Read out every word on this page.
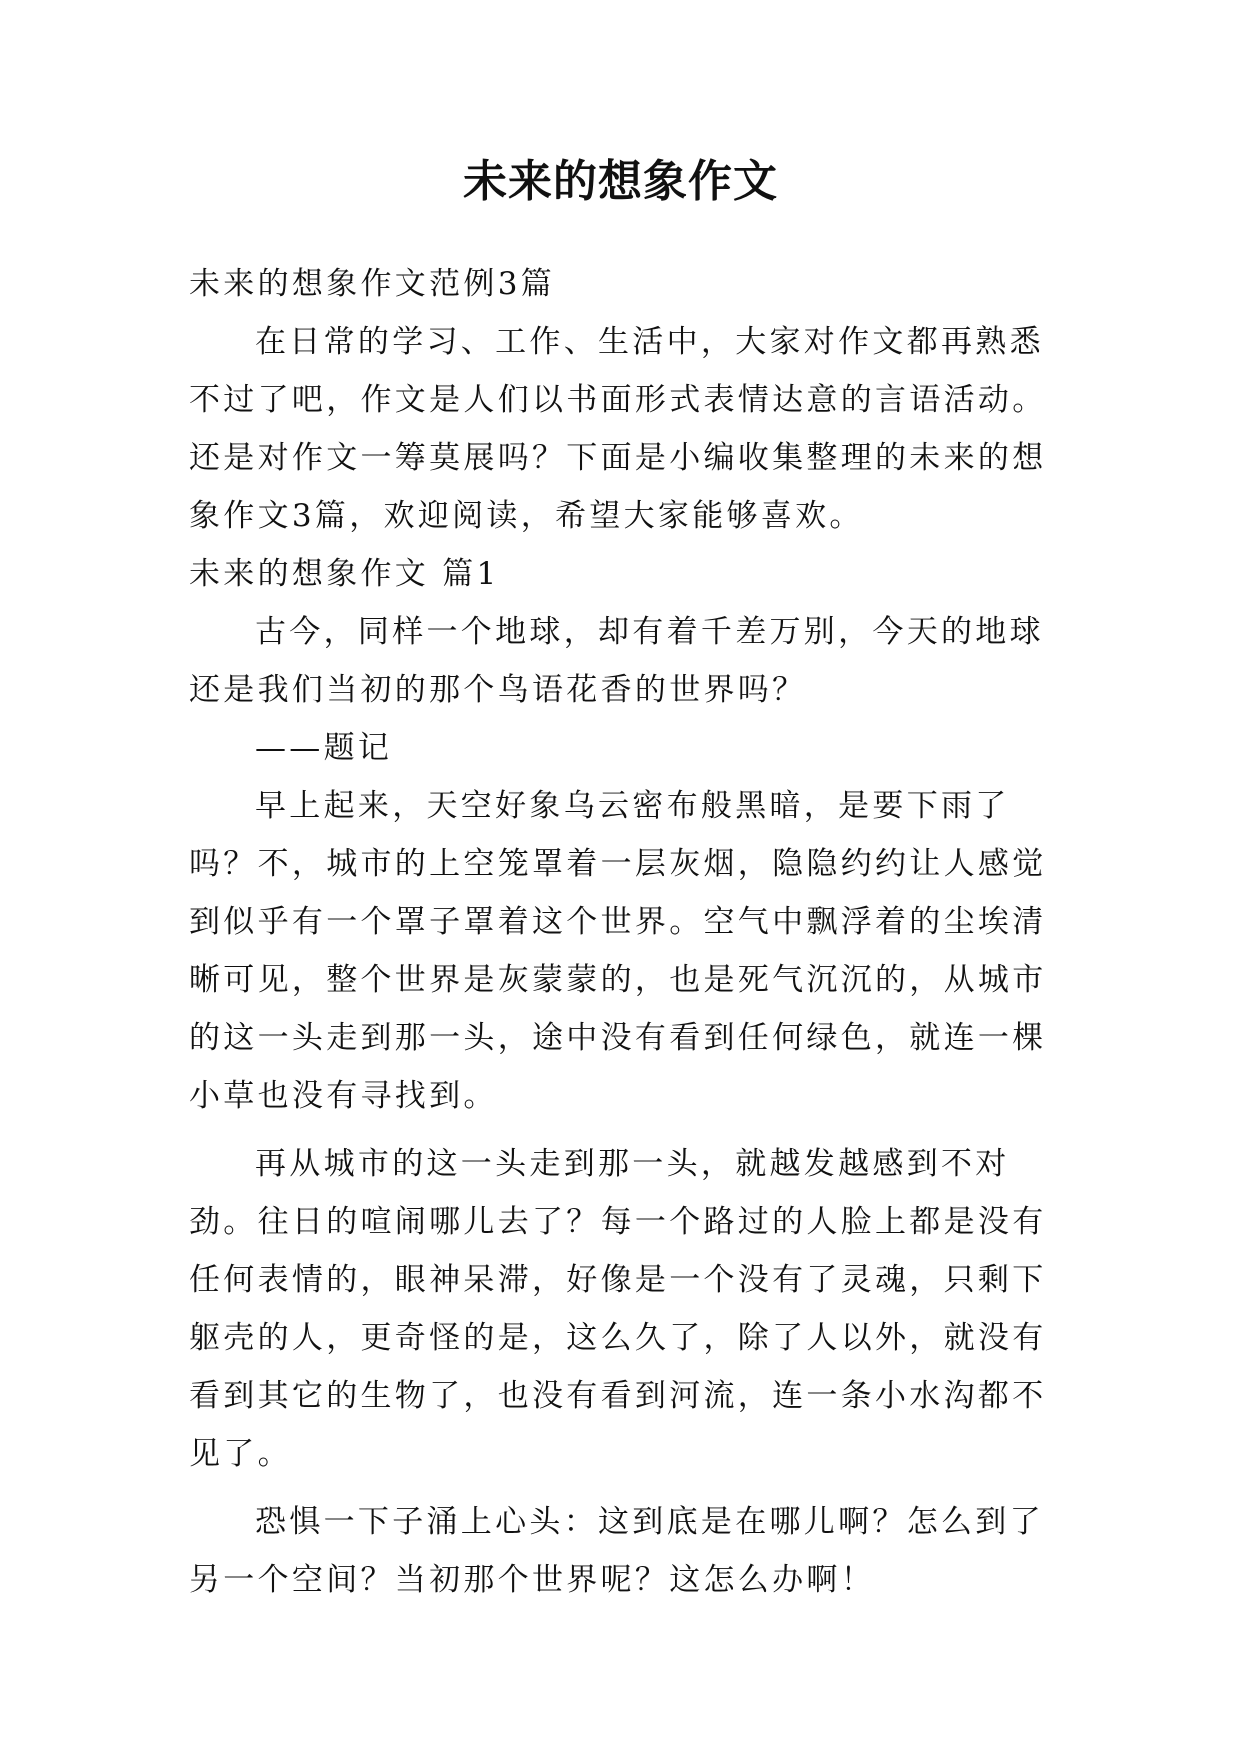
未来的想象作文

未来的想象作文范例3篇

在日常的学习、工作、生活中，大家对作文都再熟悉不过了吧，作文是人们以书面形式表情达意的言语活动。还是对作文一筹莫展吗？下面是小编收集整理的未来的想象作文3篇，欢迎阅读，希望大家能够喜欢。

未来的想象作文 篇1

古今，同样一个地球，却有着千差万别，今天的地球还是我们当初的那个鸟语花香的世界吗？

——题记

早上起来，天空好象乌云密布般黑暗，是要下雨了吗？不，城市的上空笼罩着一层灰烟，隐隐约约让人感觉到似乎有一个罩子罩着这个世界。空气中飘浮着的尘埃清晰可见，整个世界是灰蒙蒙的，也是死气沉沉的，从城市的这一头走到那一头，途中没有看到任何绿色，就连一棵小草也没有寻找到。

再从城市的这一头走到那一头，就越发越感到不对劲。往日的喧闹哪儿去了？每一个路过的人脸上都是没有任何表情的，眼神呆滞，好像是一个没有了灵魂，只剩下躯壳的人，更奇怪的是，这么久了，除了人以外，就没有看到其它的生物了，也没有看到河流，连一条小水沟都不见了。

恐惧一下子涌上心头：这到底是在哪儿啊？怎么到了另一个空间？当初那个世界呢？这怎么办啊！
